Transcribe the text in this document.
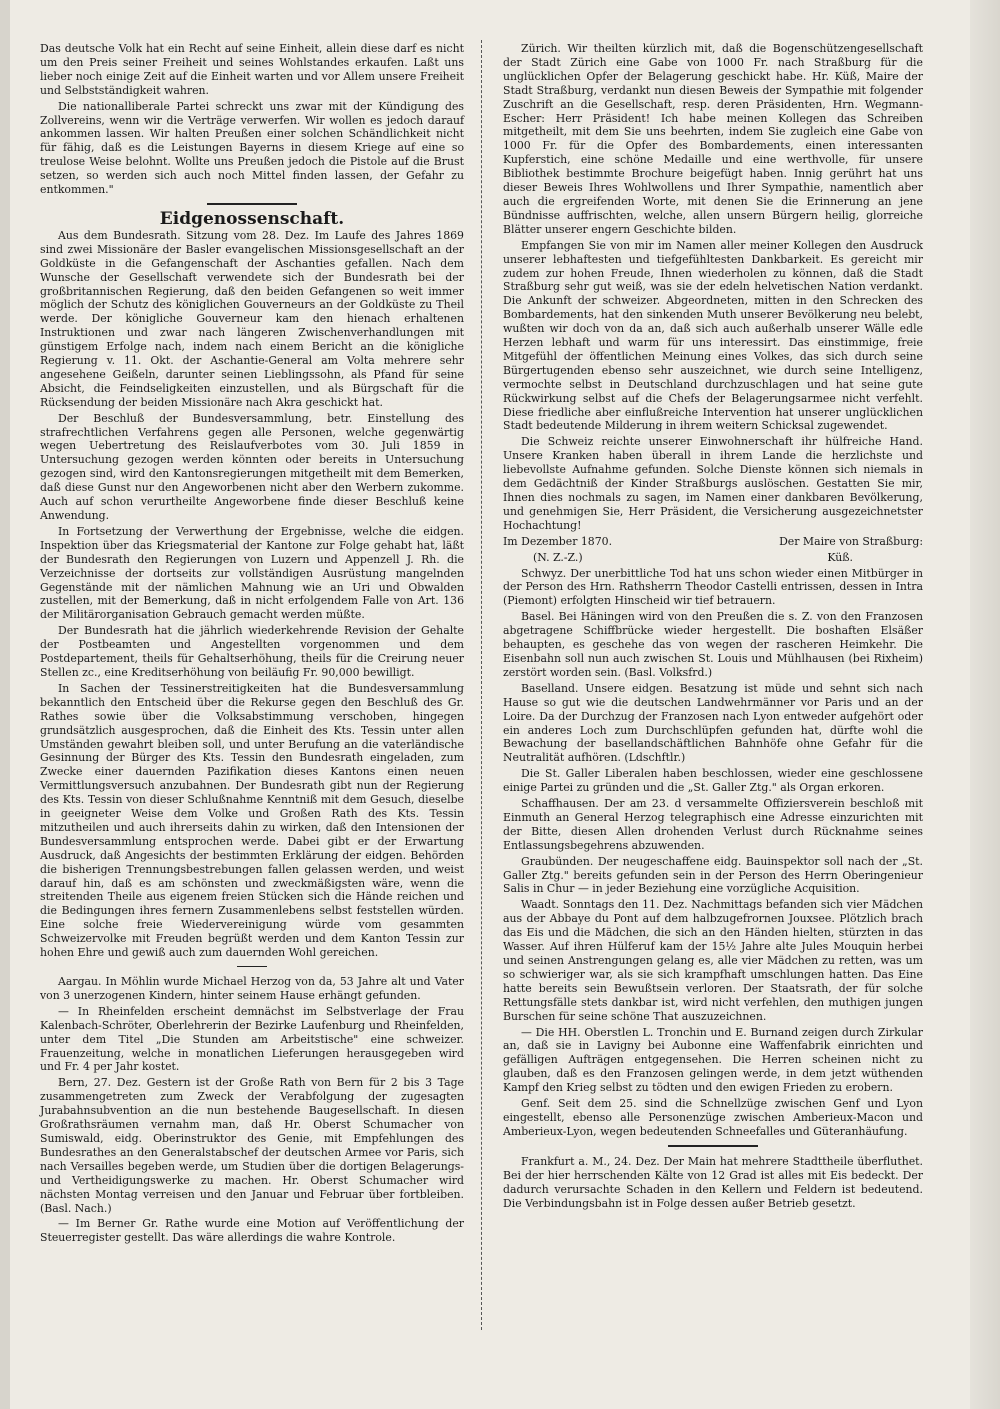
Das deutsche Volk hat ein Recht auf seine Einheit, allein diese darf es nicht um den Preis seiner Freiheit und seines Wohlstandes erkaufen. Laßt uns lieber noch einige Zeit auf die Einheit warten und vor Allem unsere Freiheit und Selbstständigkeit wahren.

Die nationalliberale Partei schreckt uns zwar mit der Kündigung des Zollvereins, wenn wir die Verträge verwerfen. Wir wollen es jedoch darauf ankommen lassen. Wir halten Preußen einer solchen Schändlichkeit nicht für fähig, daß es die Leistungen Bayerns in diesem Kriege auf eine so treulose Weise belohnt. Wollte uns Preußen jedoch die Pistole auf die Brust setzen, so werden sich auch noch Mittel finden lassen, der Gefahr zu entkommen."

Eidgenossenschaft.

Aus dem Bundesrath. Sitzung vom 28. Dez. Im Laufe des Jahres 1869 sind zwei Missionäre der Basler evangelischen Missionsgesellschaft an der Goldküste in die Gefangenschaft der Aschanties gefallen. Nach dem Wunsche der Gesellschaft verwendete sich der Bundesrath bei der großbritannischen Regierung, daß den beiden Gefangenen so weit immer möglich der Schutz des königlichen Gouverneurs an der Goldküste zu Theil werde. Der königliche Gouverneur kam den hienach erhaltenen Instruktionen und zwar nach längeren Zwischenverhandlungen mit günstigem Erfolge nach, indem nach einem Bericht an die königliche Regierung v. 11. Okt. der Aschantie-General am Volta mehrere sehr angesehene Geißeln, darunter seinen Lieblingssohn, als Pfand für seine Absicht, die Feindseligkeiten einzustellen, und als Bürgschaft für die Rücksendung der beiden Missionäre nach Akra geschickt hat.

Der Beschluß der Bundesversammlung, betr. Einstellung des strafrechtlichen Verfahrens gegen alle Personen, welche gegenwärtig wegen Uebertretung des Reislaufverbotes vom 30. Juli 1859 in Untersuchung gezogen werden könnten oder bereits in Untersuchung gezogen sind, wird den Kantonsregierungen mitgetheilt mit dem Bemerken, daß diese Gunst nur den Angeworbenen nicht aber den Werbern zukomme. Auch auf schon verurtheilte Angeworbene finde dieser Beschluß keine Anwendung.

In Fortsetzung der Verwerthung der Ergebnisse, welche die eidgen. Inspektion über das Kriegsmaterial der Kantone zur Folge gehabt hat, läßt der Bundesrath den Regierungen von Luzern und Appenzell J. Rh. die Verzeichnisse der dortseits zur vollständigen Ausrüstung mangelnden Gegenstände mit der nämlichen Mahnung wie an Uri und Obwalden zustellen, mit der Bemerkung, daß in nicht erfolgendem Falle von Art. 136 der Militärorganisation Gebrauch gemacht werden müßte.

Der Bundesrath hat die jährlich wiederkehrende Revision der Gehalte der Postbeamten und Angestellten vorgenommen und dem Postdepartement, theils für Gehaltserhöhung, theils für die Creirung neuer Stellen zc., eine Kreditserhöhung von beiläufig Fr. 90,000 bewilligt.

In Sachen der Tessinerstreitigkeiten hat die Bundesversammlung bekanntlich den Entscheid über die Rekurse gegen den Beschluß des Gr. Rathes sowie über die Volksabstimmung verschoben, hingegen grundsätzlich ausgesprochen, daß die Einheit des Kts. Tessin unter allen Umständen gewahrt bleiben soll, und unter Berufung an die vaterländische Gesinnung der Bürger des Kts. Tessin den Bundesrath eingeladen, zum Zwecke einer dauernden Pazifikation dieses Kantons einen neuen Vermittlungsversuch anzubahnen. Der Bundesrath gibt nun der Regierung des Kts. Tessin von dieser Schlußnahme Kenntniß mit dem Gesuch, dieselbe in geeigneter Weise dem Volke und Großen Rath des Kts. Tessin mitzutheilen und auch ihrerseits dahin zu wirken, daß den Intensionen der Bundesversammlung entsprochen werde. Dabei gibt er der Erwartung Ausdruck, daß Angesichts der bestimmten Erklärung der eidgen. Behörden die bisherigen Trennungsbestrebungen fallen gelassen werden, und weist darauf hin, daß es am schönsten und zweckmäßigsten wäre, wenn die streitenden Theile aus eigenem freien Stücken sich die Hände reichen und die Bedingungen ihres fernern Zusammenlebens selbst feststellen würden. Eine solche freie Wiedervereinigung würde vom gesammten Schweizervolke mit Freuden begrüßt werden und dem Kanton Tessin zur hohen Ehre und gewiß auch zum dauernden Wohl gereichen.

Aargau. In Möhlin wurde Michael Herzog von da, 53 Jahre alt und Vater von 3 unerzogenen Kindern, hinter seinem Hause erhängt gefunden.

— In Rheinfelden erscheint demnächst im Selbstverlage der Frau Kalenbach-Schröter, Oberlehrerin der Bezirke Laufenburg und Rheinfelden, unter dem Titel „Die Stunden am Arbeitstische" eine schweizer. Frauenzeitung, welche in monatlichen Lieferungen herausgegeben wird und Fr. 4 per Jahr kostet.

Bern, 27. Dez. Gestern ist der Große Rath von Bern für 2 bis 3 Tage zusammengetreten zum Zweck der Verabfolgung der zugesagten Jurabahnsubvention an die nun bestehende Baugesellschaft. In diesen Großrathsräumen vernahm man, daß Hr. Oberst Schumacher von Sumiswald, eidg. Oberinstruktor des Genie, mit Empfehlungen des Bundesrathes an den Generalstabschef der deutschen Armee vor Paris, sich nach Versailles begeben werde, um Studien über die dortigen Belagerungs- und Vertheidigungswerke zu machen. Hr. Oberst Schumacher wird nächsten Montag verreisen und den Januar und Februar über fortbleiben. (Basl. Nach.)

— Im Berner Gr. Rathe wurde eine Motion auf Veröffentlichung der Steuerregister gestellt. Das wäre allerdings die wahre Kontrole.

Zürich. Wir theilten kürzlich mit, daß die Bogenschützengesellschaft der Stadt Zürich eine Gabe von 1000 Fr. nach Straßburg für die unglücklichen Opfer der Belagerung geschickt habe. Hr. Küß, Maire der Stadt Straßburg, verdankt nun diesen Beweis der Sympathie mit folgender Zuschrift an die Gesellschaft, resp. deren Präsidenten, Hrn. Wegmann-Escher: Herr Präsident! Ich habe meinen Kollegen das Schreiben mitgetheilt, mit dem Sie uns beehrten, indem Sie zugleich eine Gabe von 1000 Fr. für die Opfer des Bombardements, einen interessanten Kupferstich, eine schöne Medaille und eine werthvolle, für unsere Bibliothek bestimmte Brochure beigefügt haben. Innig gerührt hat uns dieser Beweis Ihres Wohlwollens und Ihrer Sympathie, namentlich aber auch die ergreifenden Worte, mit denen Sie die Erinnerung an jene Bündnisse auffrischten, welche, allen unsern Bürgern heilig, glorreiche Blätter unserer engern Geschichte bilden.

Empfangen Sie von mir im Namen aller meiner Kollegen den Ausdruck unserer lebhaftesten und tiefgefühltesten Dankbarkeit. Es gereicht mir zudem zur hohen Freude, Ihnen wiederholen zu können, daß die Stadt Straßburg sehr gut weiß, was sie der edeln helvetischen Nation verdankt. Die Ankunft der schweizer. Abgeordneten, mitten in den Schrecken des Bombardements, hat den sinkenden Muth unserer Bevölkerung neu belebt, wußten wir doch von da an, daß sich auch außerhalb unserer Wälle edle Herzen lebhaft und warm für uns interessirt. Das einstimmige, freie Mitgefühl der öffentlichen Meinung eines Volkes, das sich durch seine Bürgertugenden ebenso sehr auszeichnet, wie durch seine Intelligenz, vermochte selbst in Deutschland durchzuschlagen und hat seine gute Rückwirkung selbst auf die Chefs der Belagerungsarmee nicht verfehlt. Diese friedliche aber einflußreiche Intervention hat unserer unglücklichen Stadt bedeutende Milderung in ihrem weitern Schicksal zugewendet.

Die Schweiz reichte unserer Einwohnerschaft ihr hülfreiche Hand. Unsere Kranken haben überall in ihrem Lande die herzlichste und liebevollste Aufnahme gefunden. Solche Dienste können sich niemals in dem Gedächtniß der Kinder Straßburgs auslöschen. Gestatten Sie mir, Ihnen dies nochmals zu sagen, im Namen einer dankbaren Bevölkerung, und genehmigen Sie, Herr Präsident, die Versicherung ausgezeichnetster Hochachtung!

Im Dezember 1870.	Der Maire von Straßburg:

(N. Z.-Z.)	Küß.

Schwyz. Der unerbittliche Tod hat uns schon wieder einen Mitbürger in der Person des Hrn. Rathsherrn Theodor Castelli entrissen, dessen in Intra (Piemont) erfolgten Hinscheid wir tief betrauern.

Basel. Bei Häningen wird von den Preußen die s. Z. von den Franzosen abgetragene Schiffbrücke wieder hergestellt. Die boshaften Elsäßer behaupten, es geschehe das von wegen der rascheren Heimkehr. Die Eisenbahn soll nun auch zwischen St. Louis und Mühlhausen (bei Rixheim) zerstört worden sein. (Basl. Volksfrd.)

Baselland. Unsere eidgen. Besatzung ist müde und sehnt sich nach Hause so gut wie die deutschen Landwehrmänner vor Paris und an der Loire. Da der Durchzug der Franzosen nach Lyon entweder aufgehört oder ein anderes Loch zum Durchschlüpfen gefunden hat, dürfte wohl die Bewachung der basellandschäftlichen Bahnhöfe ohne Gefahr für die Neutralität aufhören. (Ldschftlr.)

Die St. Galler Liberalen haben beschlossen, wieder eine geschlossene einige Partei zu gründen und die „St. Galler Ztg." als Organ erkoren.

Schaffhausen. Der am 23. d versammelte Offiziersverein beschloß mit Einmuth an General Herzog telegraphisch eine Adresse einzurichten mit der Bitte, diesen Allen drohenden Verlust durch Rücknahme seines Entlassungsbegehrens abzuwenden.

Graubünden. Der neugeschaffene eidg. Bauinspektor soll nach der „St. Galler Ztg." bereits gefunden sein in der Person des Herrn Oberingenieur Salis in Chur — in jeder Beziehung eine vorzügliche Acquisition.

Waadt. Sonntags den 11. Dez. Nachmittags befanden sich vier Mädchen aus der Abbaye du Pont auf dem halbzugefrornen Jouxsee. Plötzlich brach das Eis und die Mädchen, die sich an den Händen hielten, stürzten in das Wasser. Auf ihren Hülferuf kam der 15½ Jahre alte Jules Mouquin herbei und seinen Anstrengungen gelang es, alle vier Mädchen zu retten, was um so schwieriger war, als sie sich krampfhaft umschlungen hatten. Das Eine hatte bereits sein Bewußtsein verloren. Der Staatsrath, der für solche Rettungsfälle stets dankbar ist, wird nicht verfehlen, den muthigen jungen Burschen für seine schöne That auszuzeichnen.

— Die HH. Oberstlen L. Tronchin und E. Burnand zeigen durch Zirkular an, daß sie in Lavigny bei Aubonne eine Waffenfabrik einrichten und gefälligen Aufträgen entgegensehen. Die Herren scheinen nicht zu glauben, daß es den Franzosen gelingen werde, in dem jetzt wüthenden Kampf den Krieg selbst zu tödten und den ewigen Frieden zu erobern.

Genf. Seit dem 25. sind die Schnellzüge zwischen Genf und Lyon eingestellt, ebenso alle Personenzüge zwischen Amberieux-Macon und Amberieux-Lyon, wegen bedeutenden Schneefalles und Güteranhäufung.

Frankfurt a. M., 24. Dez. Der Main hat mehrere Stadttheile überfluthet. Bei der hier herrschenden Kälte von 12 Grad ist alles mit Eis bedeckt. Der dadurch verursachte Schaden in den Kellern und Feldern ist bedeutend. Die Verbindungsbahn ist in Folge dessen außer Betrieb gesetzt.
